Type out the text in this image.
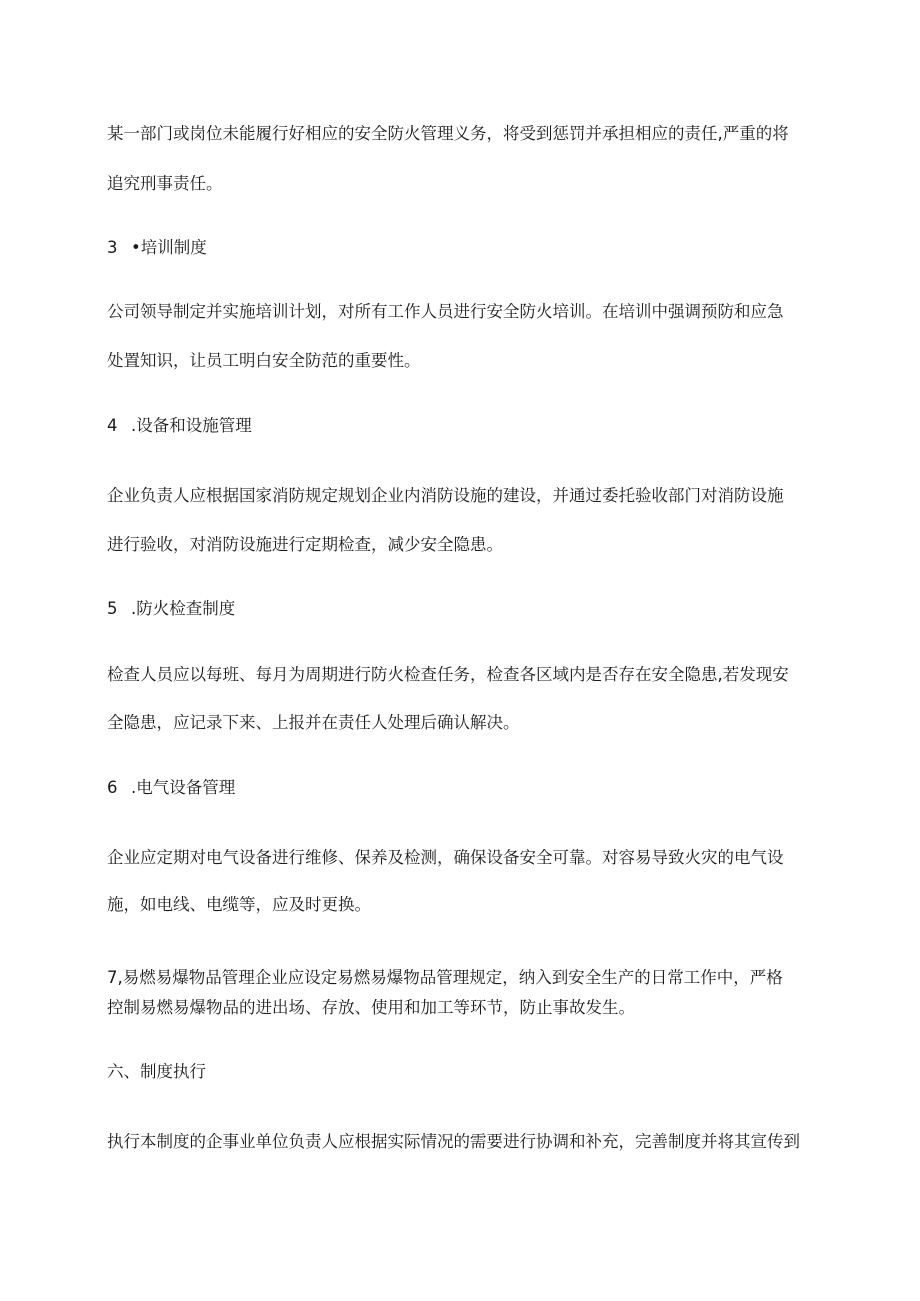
某一部门或岗位未能履行好相应的安全防火管理义务，将受到惩罚并承担相应的责任,严重的将
追究刑事责任。
3 •培训制度
公司领导制定并实施培训计划，对所有工作人员进行安全防火培训。在培训中强调预防和应急
处置知识，让员工明白安全防范的重要性。
4 .设备和设施管理
企业负责人应根据国家消防规定规划企业内消防设施的建设，并通过委托验收部门对消防设施
进行验收，对消防设施进行定期检查，减少安全隐患。
5 .防火检查制度
检查人员应以每班、每月为周期进行防火检查任务，检查各区域内是否存在安全隐患,若发现安
全隐患，应记录下来、上报并在责任人处理后确认解决。
6 .电气设备管理
企业应定期对电气设备进行维修、保养及检测，确保设备安全可靠。对容易导致火灾的电气设
施，如电线、电缆等，应及时更换。
7,易燃易爆物品管理企业应设定易燃易爆物品管理规定，纳入到安全生产的日常工作中，严格
控制易燃易爆物品的进出场、存放、使用和加工等环节，防止事故发生。
六、制度执行
执行本制度的企事业单位负责人应根据实际情况的需要进行协调和补充，完善制度并将其宣传到
